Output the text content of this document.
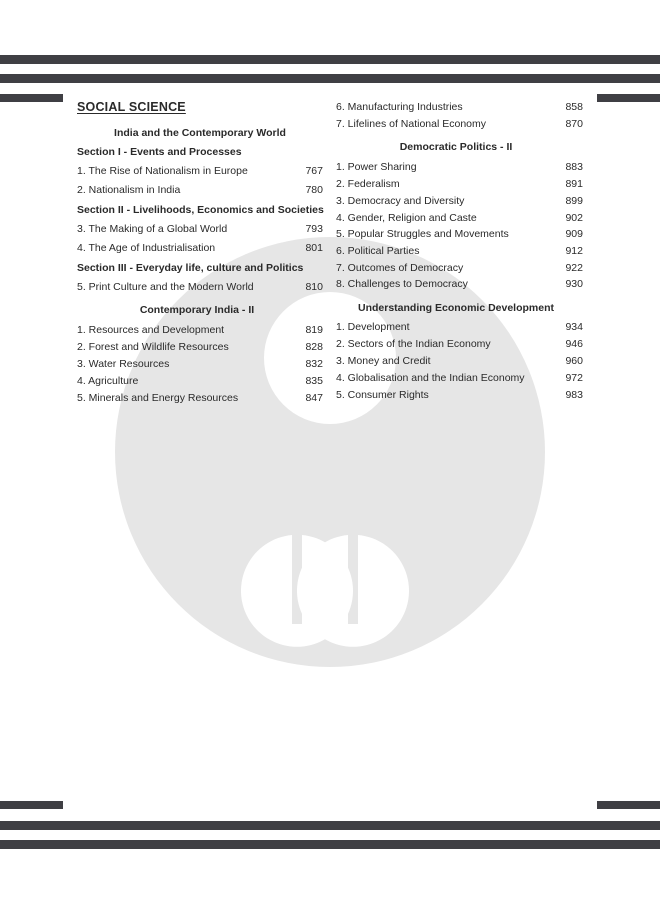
SOCIAL SCIENCE
India and the Contemporary World
Section I - Events and Processes
1. The Rise of Nationalism in Europe	767
2. Nationalism in India	780
Section II - Livelihoods, Economics and Societies
3. The Making of a Global World	793
4. The Age of Industrialisation	801
Section III - Everyday life, culture and Politics
5. Print Culture and the Modern World	810
Contemporary India - II
1. Resources and Development	819
2. Forest and Wildlife Resources	828
3. Water Resources	832
4. Agriculture	835
5. Minerals and Energy Resources	847
6. Manufacturing Industries	858
7. Lifelines of National Economy	870
Democratic Politics - II
1. Power Sharing	883
2. Federalism	891
3. Democracy and Diversity	899
4. Gender, Religion and Caste	902
5. Popular Struggles and Movements	909
6. Political Parties	912
7. Outcomes of Democracy	922
8. Challenges to Democracy	930
Understanding Economic Development
1. Development	934
2. Sectors of the Indian Economy	946
3. Money and Credit	960
4. Globalisation and the Indian Economy	972
5. Consumer Rights	983
